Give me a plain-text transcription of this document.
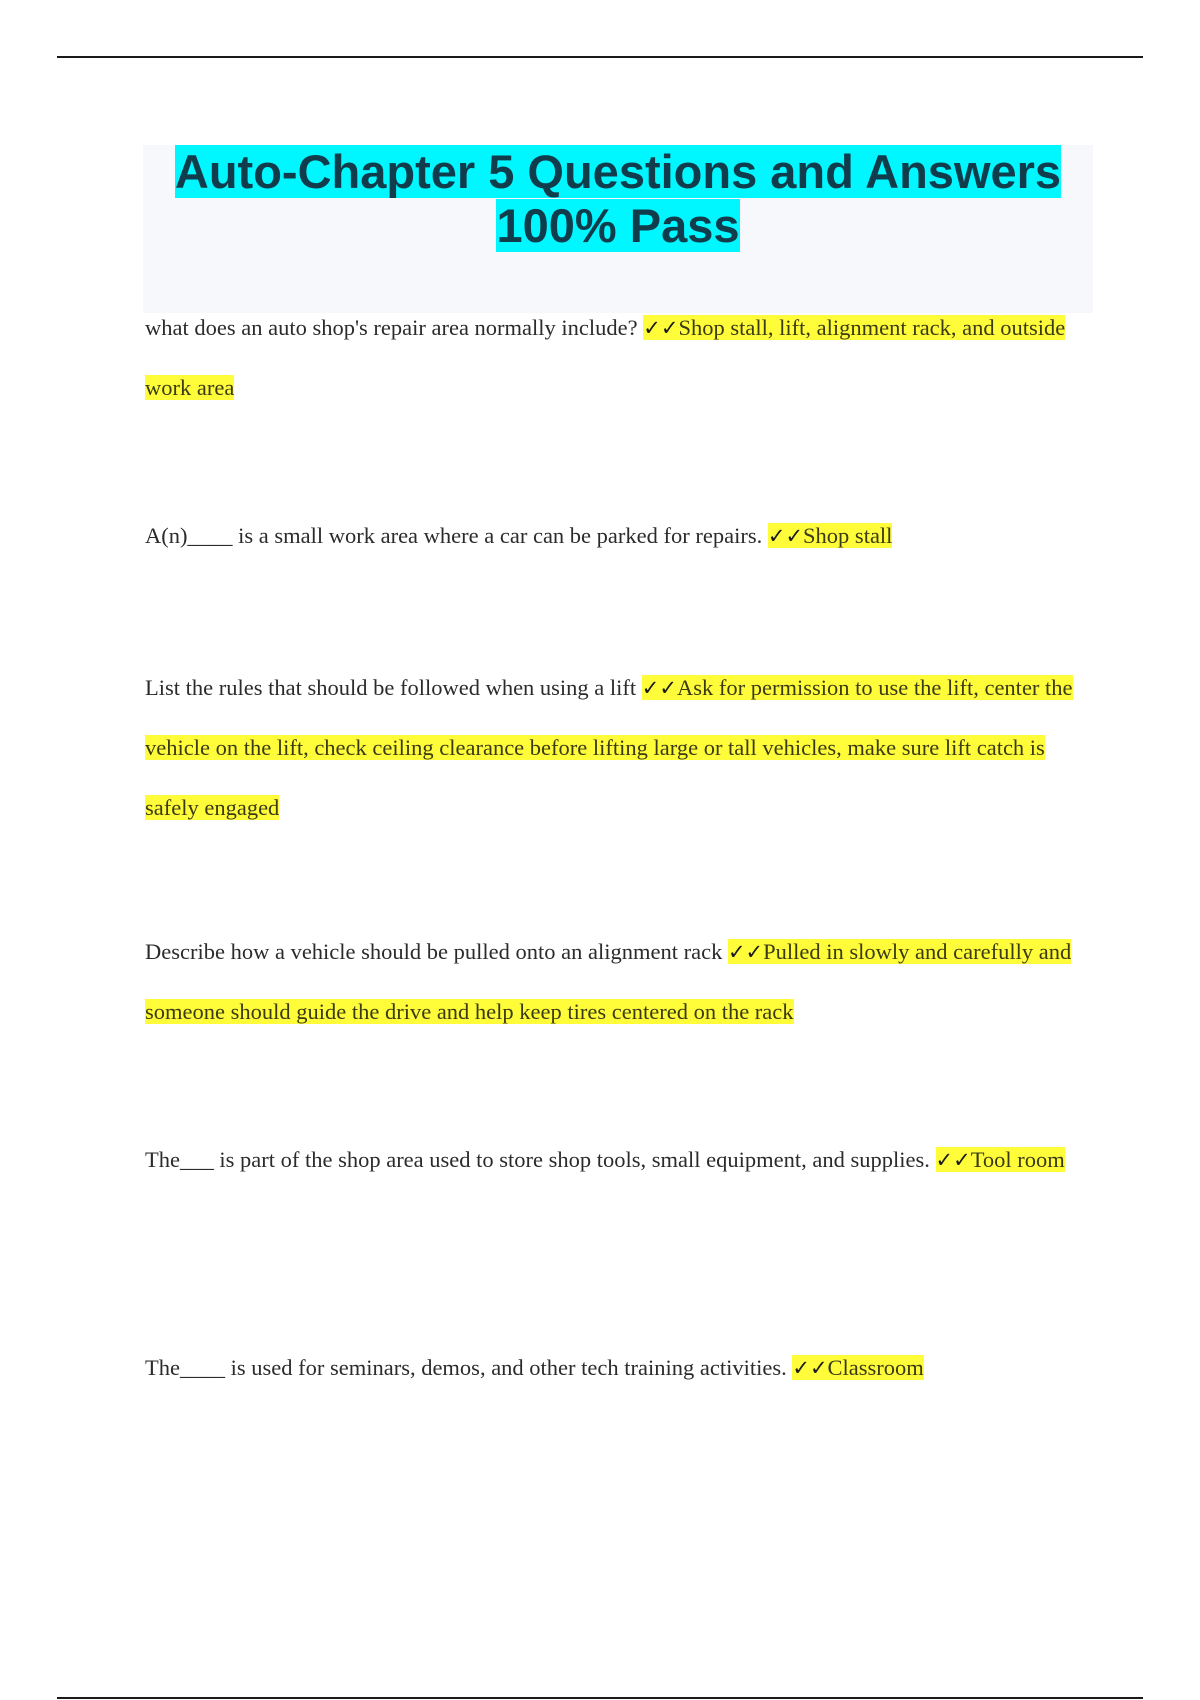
Auto-Chapter 5 Questions and Answers 100% Pass

what does an auto shop's repair area normally include? ✓✓Shop stall, lift, alignment rack, and outside work area

A(n)____ is a small work area where a car can be parked for repairs. ✓✓Shop stall

List the rules that should be followed when using a lift ✓✓Ask for permission to use the lift, center the vehicle on the lift, check ceiling clearance before lifting large or tall vehicles, make sure lift catch is safely engaged

Describe how a vehicle should be pulled onto an alignment rack ✓✓Pulled in slowly and carefully and someone should guide the drive and help keep tires centered on the rack

The___ is part of the shop area used to store shop tools, small equipment, and supplies. ✓✓Tool room

The____ is used for seminars, demos, and other tech training activities. ✓✓Classroom
